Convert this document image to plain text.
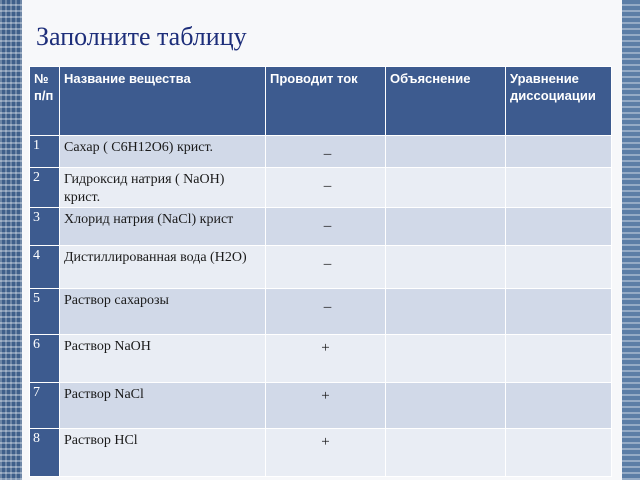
Заполните таблицу
№ п/п	Название вещества	Проводит ток	Объяснение	Уравнение диссоциации
1	Сахар ( С6Н12О6) крист.	_		
2	Гидроксид натрия ( NaOH) крист.	_		
3	Хлорид натрия (NaCl) крист	_		
4	Дистиллированная вода (Н2О)	_		
5	Раствор сахарозы	_		
6	Раствор NaOH	+		
7	Раствор NaCl	+		
8	Раствор HCl	+		
